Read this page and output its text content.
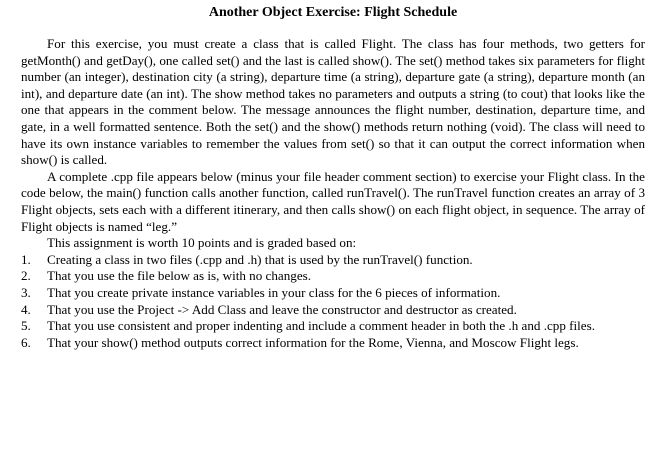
Another Object Exercise: Flight Schedule

For this exercise, you must create a class that is called Flight. The class has four methods, two getters for getMonth() and getDay(), one called set() and the last is called show(). The set() method takes six parameters for flight number (an integer), destination city (a string), departure time (a string), departure gate (a string), departure month (an int), and departure date (an int). The show method takes no parameters and outputs a string (to cout) that looks like the one that appears in the comment below. The message announces the flight number, destination, departure time, and gate, in a well formatted sentence. Both the set() and the show() methods return nothing (void). The class will need to have its own instance variables to remember the values from set() so that it can output the correct information when show() is called.

A complete .cpp file appears below (minus your file header comment section) to exercise your Flight class. In the code below, the main() function calls another function, called runTravel(). The runTravel function creates an array of 3 Flight objects, sets each with a different itinerary, and then calls show() on each flight object, in sequence. The array of Flight objects is named “leg.”

This assignment is worth 10 points and is graded based on:

1.	Creating a class in two files (.cpp and .h) that is used by the runTravel() function.
2.	That you use the file below as is, with no changes.
3.	That you create private instance variables in your class for the 6 pieces of information.
4.	That you use the Project -> Add Class and leave the constructor and destructor as created.
5.	That you use consistent and proper indenting and include a comment header in both the .h and .cpp files.
6.	That your show() method outputs correct information for the Rome, Vienna, and Moscow Flight legs.
